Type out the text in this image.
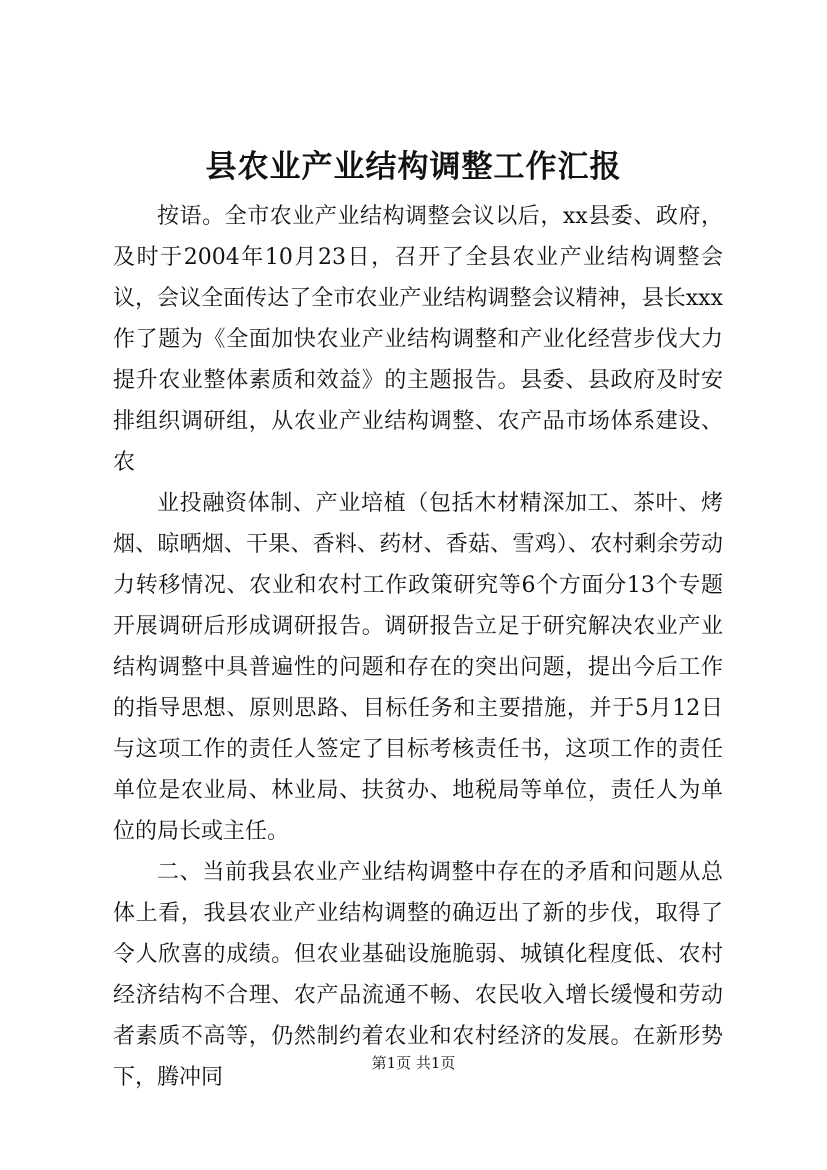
县农业产业结构调整工作汇报

按语。全市农业产业结构调整会议以后，xx县委、政府，及时于2004年10月23日，召开了全县农业产业结构调整会议，会议全面传达了全市农业产业结构调整会议精神，县长xxx作了题为《全面加快农业产业结构调整和产业化经营步伐大力提升农业整体素质和效益》的主题报告。县委、县政府及时安排组织调研组，从农业产业结构调整、农产品市场体系建设、农

业投融资体制、产业培植（包括木材精深加工、茶叶、烤烟、晾晒烟、干果、香料、药材、香菇、雪鸡）、农村剩余劳动力转移情况、农业和农村工作政策研究等6个方面分13个专题开展调研后形成调研报告。调研报告立足于研究解决农业产业结构调整中具普遍性的问题和存在的突出问题，提出今后工作的指导思想、原则思路、目标任务和主要措施，并于5月12日与这项工作的责任人签定了目标考核责任书，这项工作的责任单位是农业局、林业局、扶贫办、地税局等单位，责任人为单位的局长或主任。

二、当前我县农业产业结构调整中存在的矛盾和问题从总体上看，我县农业产业结构调整的确迈出了新的步伐，取得了令人欣喜的成绩。但农业基础设施脆弱、城镇化程度低、农村经济结构不合理、农产品流通不畅、农民收入增长缓慢和劳动者素质不高等，仍然制约着农业和农村经济的发展。在新形势下，腾冲同

第1页 共1页
